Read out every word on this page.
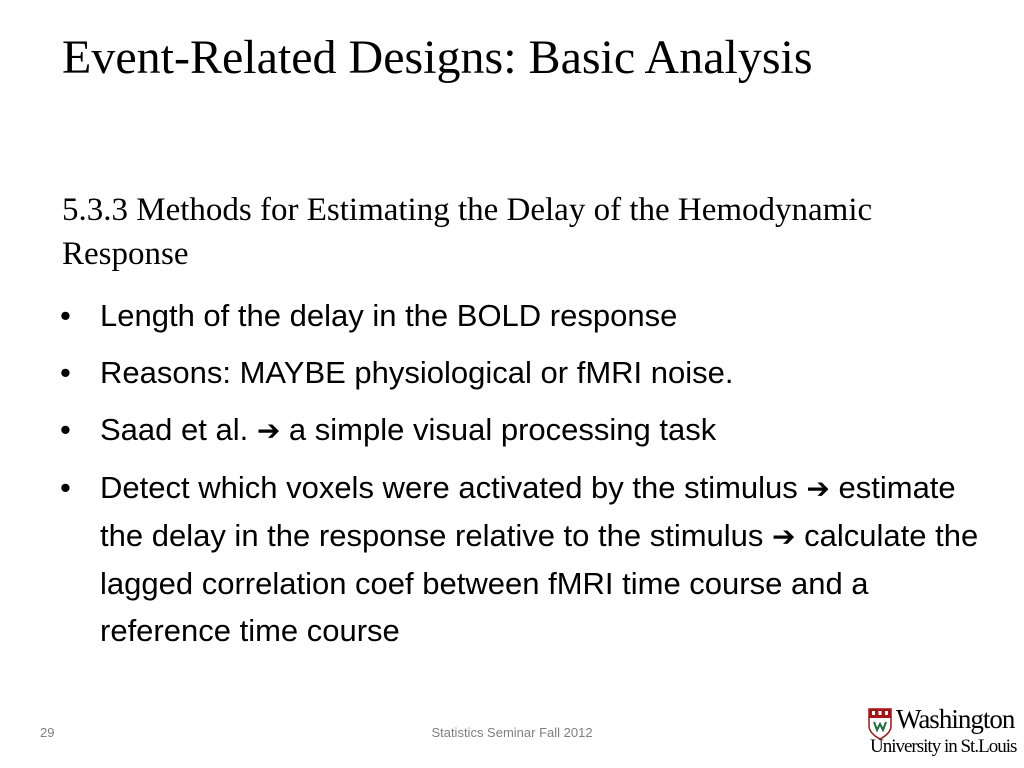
Event-Related Designs: Basic Analysis
5.3.3 Methods for Estimating the Delay of the Hemodynamic Response
• Length of the delay in the BOLD response
• Reasons: MAYBE physiological or fMRI noise.
• Saad et al. ➔ a simple visual processing task
• Detect which voxels were activated by the stimulus ➔ estimate the delay in the response relative to the stimulus ➔ calculate the lagged correlation coef between fMRI time course and a reference time course
29	Statistics Seminar Fall 2012	Washington
University in St.Louis
